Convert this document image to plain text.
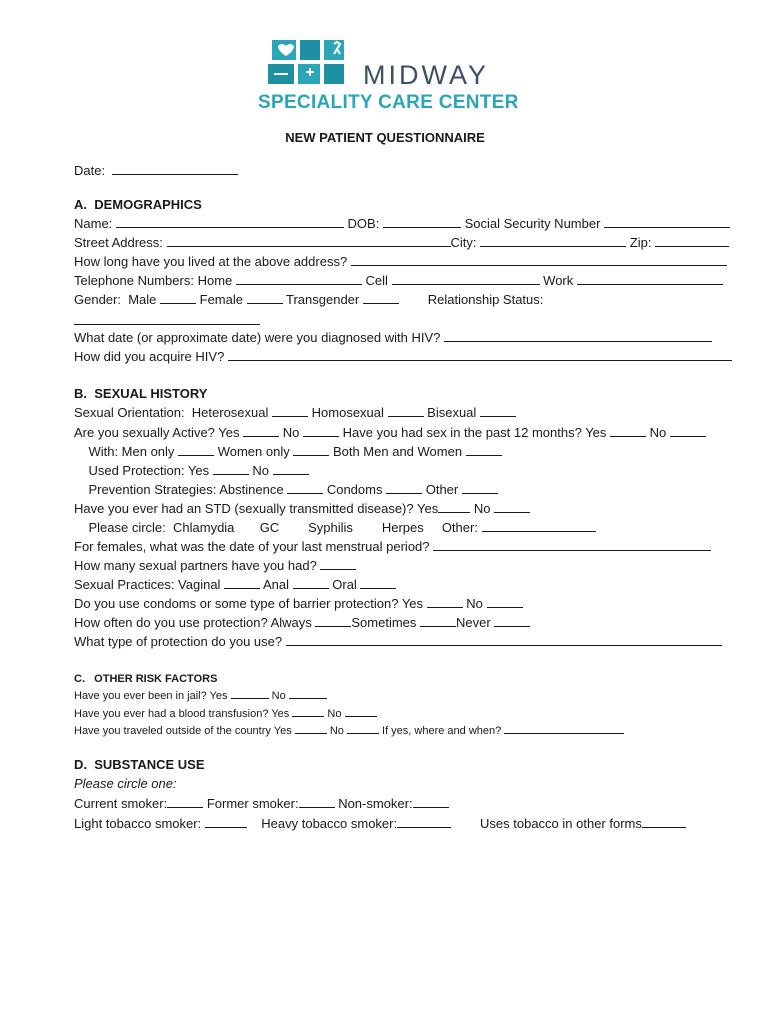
MIDWAY
SPECIALITY CARE CENTER
NEW PATIENT QUESTIONNAIRE
Date:
A.  DEMOGRAPHICS
Name:	DOB:	Social Security Number
Street Address:	City:	Zip:
How long have you lived at the above address?
Telephone Numbers: Home	Cell	Work
Gender:  Male	Female	Transgender	Relationship Status:
What date (or approximate date) were you diagnosed with HIV?
How did you acquire HIV?
B.  SEXUAL HISTORY
Sexual Orientation:  Heterosexual	Homosexual	Bisexual
Are you sexually Active? Yes	No	Have you had sex in the past 12 months? Yes	No
With: Men only	Women only	Both Men and Women
Used Protection: Yes	No
Prevention Strategies: Abstinence	Condoms	Other
Have you ever had an STD (sexually transmitted disease)? Yes	No
Please circle: Chlamydia GC Syphilis Herpes Other:
For females, what was the date of your last menstrual period?
How many sexual partners have you had?
Sexual Practices: Vaginal	Anal	Oral
Do you use condoms or some type of barrier protection? Yes	No
How often do you use protection? Always	Sometimes	Never
What type of protection do you use?
C.   OTHER RISK FACTORS
Have you ever been in jail? Yes	No
Have you ever had a blood transfusion? Yes	No
Have you traveled outside of the country Yes	No	If yes, where and when?
D.  SUBSTANCE USE
Please circle one:
Current smoker:	Former smoker:	Non-smoker:
Light tobacco smoker:	Heavy tobacco smoker:	Uses tobacco in other forms
